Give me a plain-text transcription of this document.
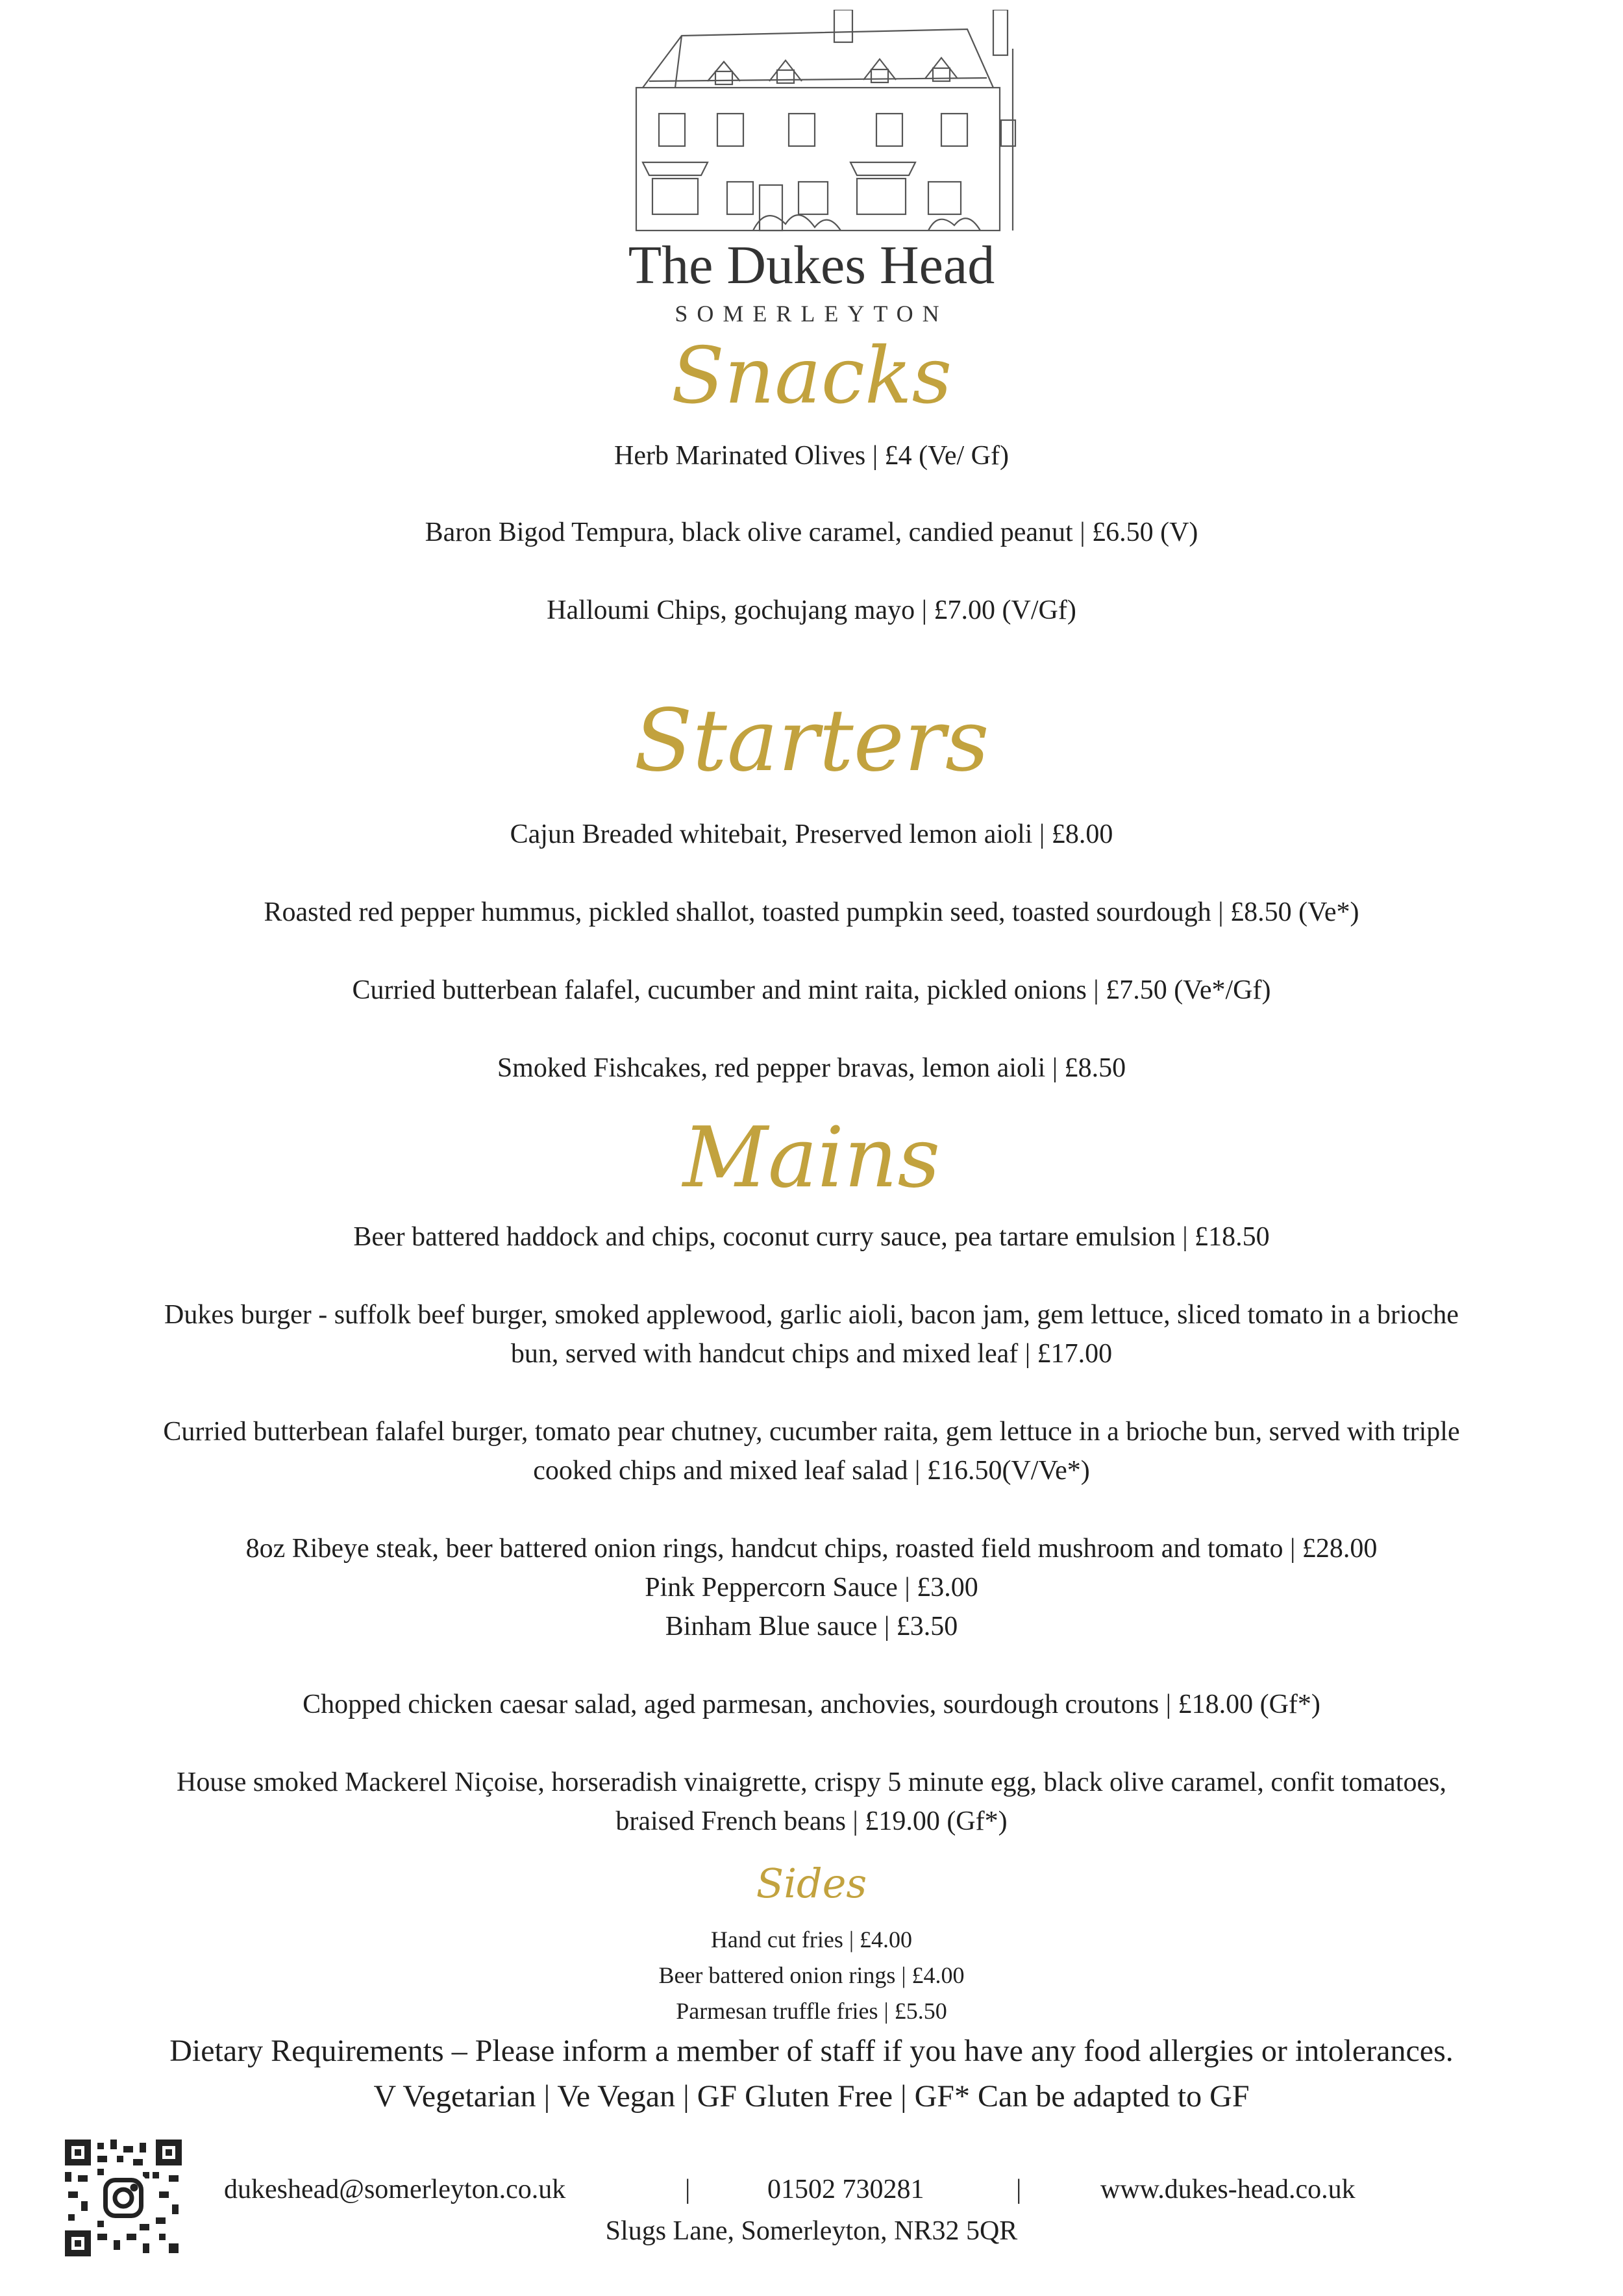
The Dukes Head
SOMERLEYTON
Snacks
Herb Marinated Olives | £4 (Ve/ Gf)
Baron Bigod Tempura, black olive caramel, candied peanut | £6.50 (V)
Halloumi Chips, gochujang mayo | £7.00 (V/Gf)
Starters
Cajun Breaded whitebait, Preserved lemon aioli | £8.00
Roasted red pepper hummus, pickled shallot, toasted pumpkin seed, toasted sourdough | £8.50 (Ve*)
Curried butterbean falafel, cucumber and mint raita, pickled onions | £7.50 (Ve*/Gf)
Smoked Fishcakes, red pepper bravas, lemon aioli | £8.50
Mains
Beer battered haddock and chips, coconut curry sauce, pea tartare emulsion | £18.50
Dukes burger - suffolk beef burger, smoked applewood, garlic aioli, bacon jam, gem lettuce, sliced tomato in a brioche
bun, served with handcut chips and mixed leaf | £17.00
Curried butterbean falafel burger, tomato pear chutney, cucumber raita, gem lettuce in a brioche bun, served with triple
cooked chips and mixed leaf salad | £16.50(V/Ve*)
8oz Ribeye steak, beer battered onion rings, handcut chips, roasted field mushroom and tomato | £28.00
Pink Peppercorn Sauce | £3.00
Binham Blue sauce | £3.50
Chopped chicken caesar salad, aged parmesan, anchovies, sourdough croutons | £18.00 (Gf*)
House smoked Mackerel Niçoise, horseradish vinaigrette, crispy 5 minute egg, black olive caramel, confit tomatoes,
braised French beans | £19.00 (Gf*)
Sides
Hand cut fries | £4.00
Beer battered onion rings | £4.00
Parmesan truffle fries | £5.50
Dietary Requirements – Please inform a member of staff if you have any food allergies or intolerances.
V Vegetarian | Ve Vegan | GF Gluten Free | GF* Can be adapted to GF
dukeshead@somerleyton.co.uk	|	01502 730281	|	www.dukes-head.co.uk
Slugs Lane, Somerleyton, NR32 5QR
